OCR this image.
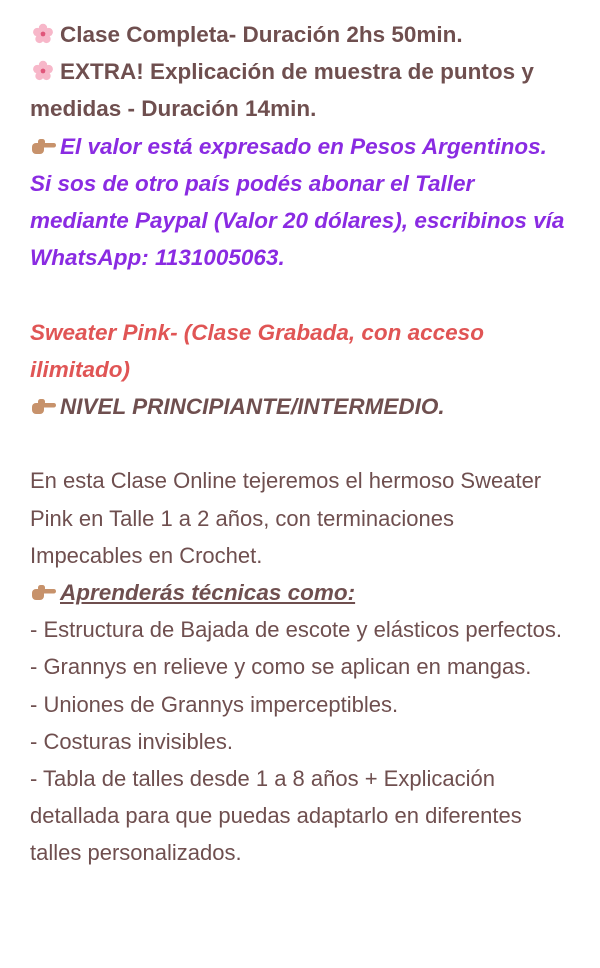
Clase Completa- Duración 2hs 50min.

EXTRA! Explicación de muestra de puntos y medidas - Duración 14min.

El valor está expresado en Pesos Argentinos. Si sos de otro país podés abonar el Taller mediante Paypal (Valor 20 dólares), escribinos vía WhatsApp: 1131005063.

Sweater Pink- (Clase Grabada, con acceso ilimitado)

NIVEL PRINCIPIANTE/INTERMEDIO.

En esta Clase Online tejeremos el hermoso Sweater Pink en Talle 1 a 2 años, con terminaciones Impecables en Crochet.

Aprenderás técnicas como:

- Estructura de Bajada de escote y elásticos perfectos.

- Grannys en relieve y como se aplican en mangas.

- Uniones de Grannys imperceptibles.

- Costuras invisibles.

- Tabla de talles desde 1 a 8 años + Explicación detallada para que puedas adaptarlo en diferentes talles personalizados.
